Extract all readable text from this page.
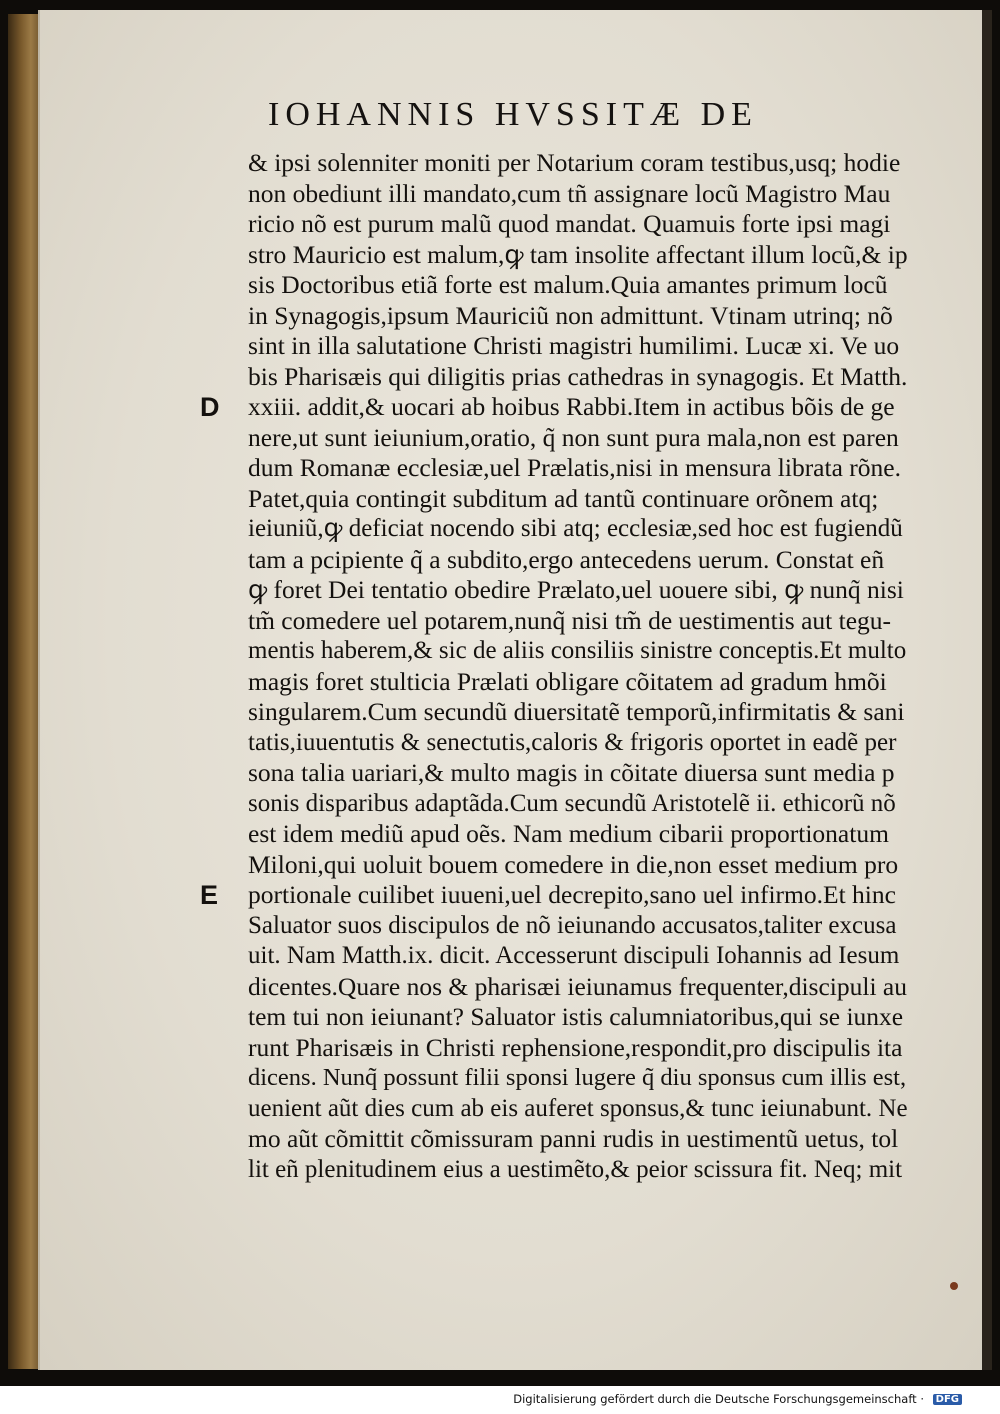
IOHANNIS HVSSITÆ DE
D
E
& ipsi solenniter moniti per Notarium coram testibus,usq; hodie
non obediunt illi mandato,cum tñ assignare locũ Magistro Mau
ricio nõ est purum malũ quod mandat. Quamuis forte ipsi magi
stro Mauricio est malum,ꝙ tam insolite affectant illum locũ,& ip
sis Doctoribus etiã forte est malum.Quia amantes primum locũ
in Synagogis,ipsum Mauriciũ non admittunt. Vtinam utrinq; nõ
sint in illa salutatione Christi magistri humilimi. Lucæ xi. Ve uo
bis Pharisæis qui diligitis prias cathedras in synagogis. Et Matth.
xxiii. addit,& uocari ab hoibus Rabbi.Item in actibus bõis de ge
nere,ut sunt ieiunium,oratio, q̃ non sunt pura mala,non est paren
dum Romanæ ecclesiæ,uel Prælatis,nisi in mensura librata rõne.
Patet,quia contingit subditum ad tantũ continuare orõnem atq;
ieiuniũ,ꝙ deficiat nocendo sibi atq; ecclesiæ,sed hoc est fugiendũ
tam a pcipiente q̃ a subdito,ergo antecedens uerum. Constat eñ
ꝙ foret Dei tentatio obedire Prælato,uel uouere sibi, ꝙ nunq̃ nisi
tm̃ comedere uel potarem,nunq̃ nisi tm̃ de uestimentis aut tegu-
mentis haberem,& sic de aliis consiliis sinistre conceptis.Et multo
magis foret stulticia Prælati obligare cõitatem ad gradum hmõi
singularem.Cum secundũ diuersitatẽ temporũ,infirmitatis & sani
tatis,iuuentutis & senectutis,caloris & frigoris oportet in eadẽ per
sona talia uariari,& multo magis in cõitate diuersa sunt media p
sonis disparibus adaptãda.Cum secundũ Aristotelẽ ii. ethicorũ nõ
est idem mediũ apud oẽs. Nam medium cibarii proportionatum
Miloni,qui uoluit bouem comedere in die,non esset medium pro
portionale cuilibet iuueni,uel decrepito,sano uel infirmo.Et hinc
Saluator suos discipulos de nõ ieiunando accusatos,taliter excusa
uit. Nam Matth.ix. dicit. Accesserunt discipuli Iohannis ad Iesum
dicentes.Quare nos & pharisæi ieiunamus frequenter,discipuli au
tem tui non ieiunant? Saluator istis calumniatoribus,qui se iunxe
runt Pharisæis in Christi rephensione,respondit,pro discipulis ita
dicens. Nunq̃ possunt filii sponsi lugere q̃ diu sponsus cum illis est,
uenient aũt dies cum ab eis auferet sponsus,& tunc ieiunabunt. Ne
mo aũt cõmittit cõmissuram panni rudis in uestimentũ uetus, tol
lit eñ plenitudinem eius a uestimẽto,& peior scissura fit. Neq; mit
Digitalisierung gefördert durch die Deutsche Forschungsgemeinschaft · DFG
